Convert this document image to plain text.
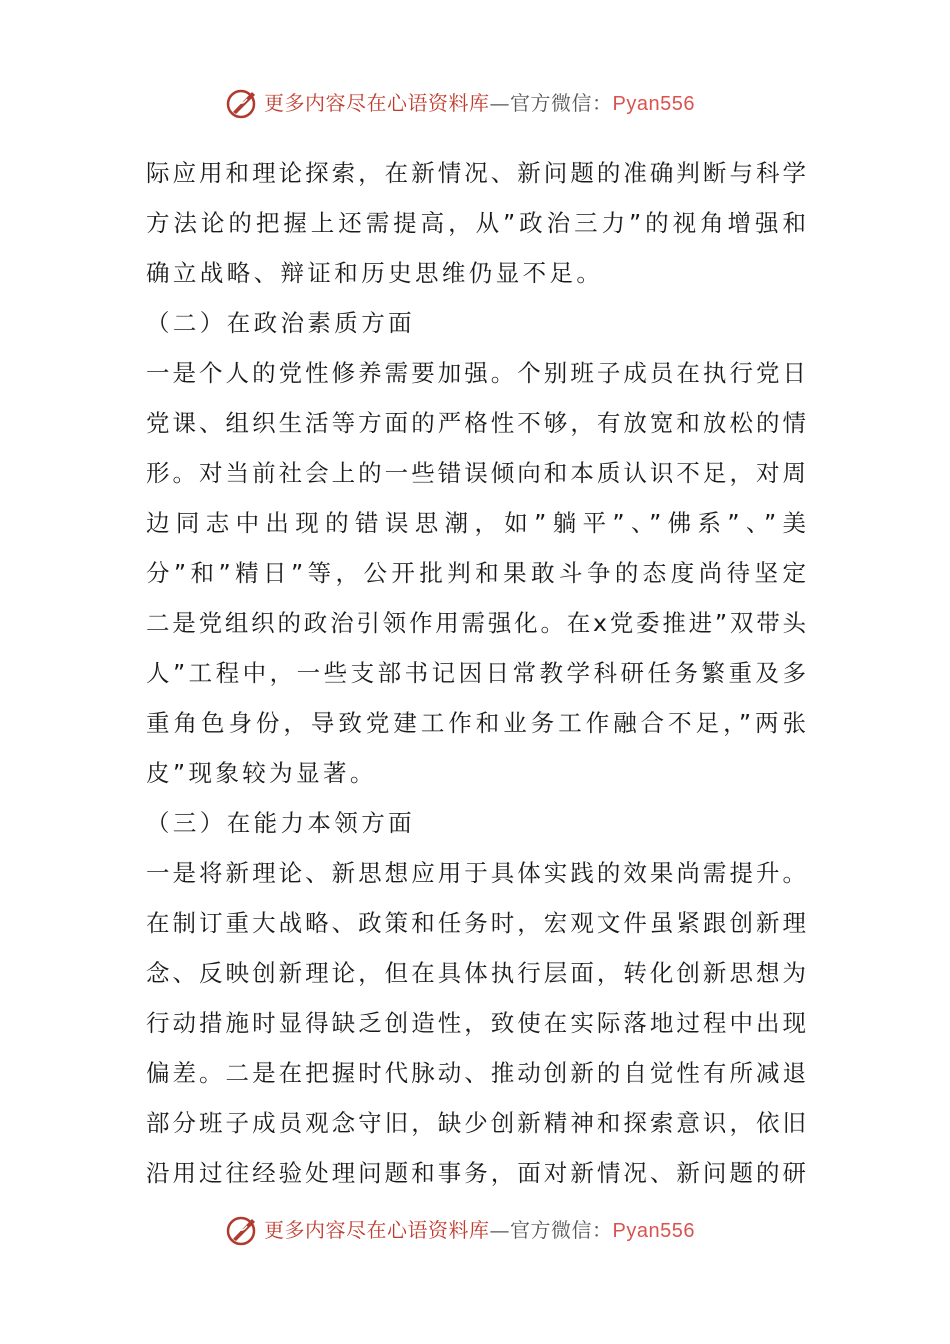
更多内容尽在心语资料库—官方微信：Pyan556
际应用和理论探索，在新情况、新问题的准确判断与科学
方法论的把握上还需提高，从”政治三力”的视角增强和
确立战略、辩证和历史思维仍显不足。
（二）在政治素质方面
一是个人的党性修养需要加强。个别班子成员在执行党日
党课、组织生活等方面的严格性不够，有放宽和放松的情
形。对当前社会上的一些错误倾向和本质认识不足，对周
边同志中出现的错误思潮，如”躺平”、”佛系”、”美
分”和”精日”等，公开批判和果敢斗争的态度尚待坚定
二是党组织的政治引领作用需强化。在x党委推进”双带头
人”工程中，一些支部书记因日常教学科研任务繁重及多
重角色身份，导致党建工作和业务工作融合不足，”两张
皮”现象较为显著。
（三）在能力本领方面
一是将新理论、新思想应用于具体实践的效果尚需提升。
在制订重大战略、政策和任务时，宏观文件虽紧跟创新理
念、反映创新理论，但在具体执行层面，转化创新思想为
行动措施时显得缺乏创造性，致使在实际落地过程中出现
偏差。二是在把握时代脉动、推动创新的自觉性有所减退
部分班子成员观念守旧，缺少创新精神和探索意识，依旧
沿用过往经验处理问题和事务，面对新情况、新问题的研
更多内容尽在心语资料库—官方微信：Pyan556
